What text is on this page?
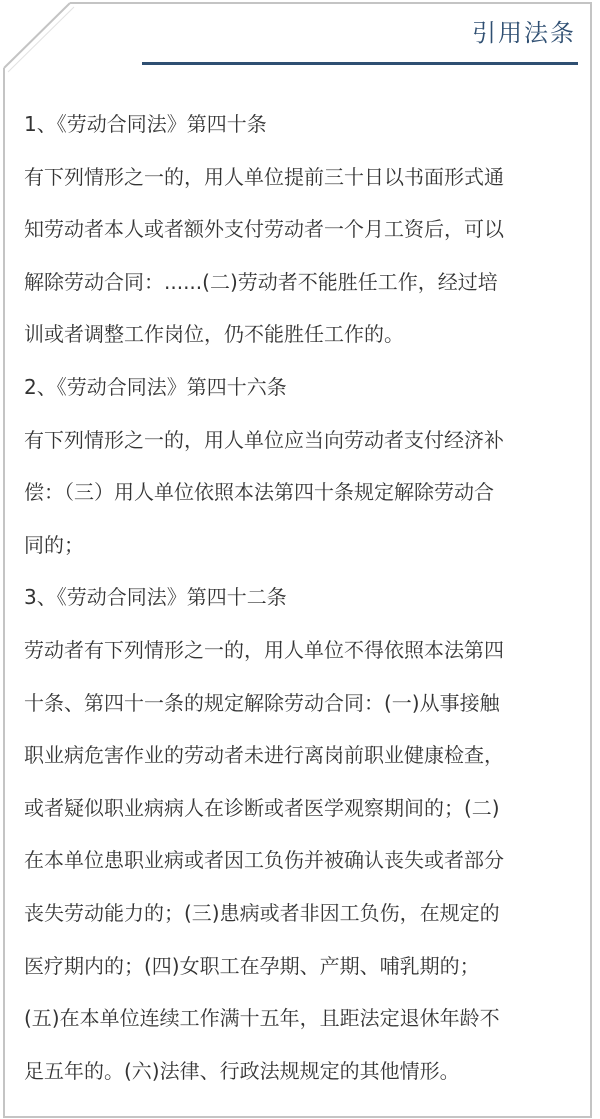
引用法条
1、《劳动合同法》第四十条
有下列情形之一的，用人单位提前三十日以书面形式通
知劳动者本人或者额外支付劳动者一个月工资后，可以
解除劳动合同：......(二)劳动者不能胜任工作，经过培
训或者调整工作岗位，仍不能胜任工作的。
2、《劳动合同法》第四十六条
有下列情形之一的，用人单位应当向劳动者支付经济补
偿：（三）用人单位依照本法第四十条规定解除劳动合
同的；
3、《劳动合同法》第四十二条
劳动者有下列情形之一的，用人单位不得依照本法第四
十条、第四十一条的规定解除劳动合同：(一)从事接触
职业病危害作业的劳动者未进行离岗前职业健康检查，
或者疑似职业病病人在诊断或者医学观察期间的；(二)
在本单位患职业病或者因工负伤并被确认丧失或者部分
丧失劳动能力的；(三)患病或者非因工负伤，在规定的
医疗期内的；(四)女职工在孕期、产期、哺乳期的；
(五)在本单位连续工作满十五年，且距法定退休年龄不
足五年的。(六)法律、行政法规规定的其他情形。
